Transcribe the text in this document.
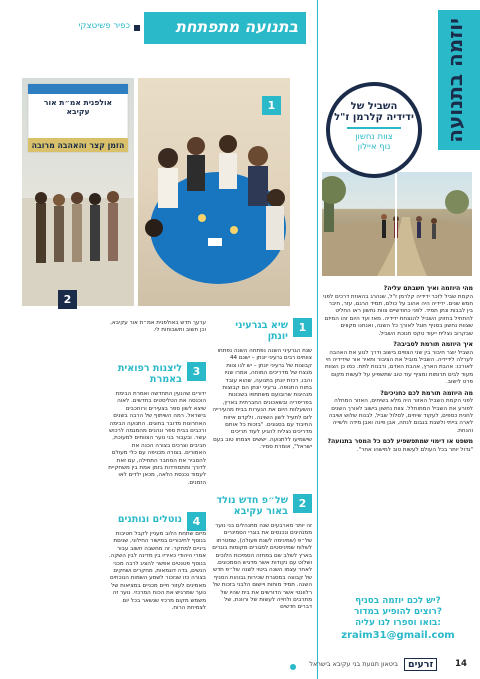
כפיר פשיטצקי	בתנועה מתפתחת	יוזמה בתנועה
השביל של
ידידיה קלרמן ז"ל
צוות נחשון
נוף איילון
מהי היוזמה ואיך חשבתם עליה?

הקמת שביל לזכר ידידיה קלרמן ז"ל, שנהרג בהאוזת דרכים לפני חמש שנים. ידידיה היה אהוב על כולם, תמיד הרגם, עזר, חיבר בין לבבות ונתן תמיד. לפני כחודשיים צוות נחשון ראו החליט להתחיל בחזוק השביל להנצחת ידידיה. מאז ועד היום זהו המיזם שצוות נחשון בסניף חוגל לאורך כל השנה, ואנחנו מקווים שבקרוב נצליח ייעוד טקס חנוכת השביל.

איך היוזמה תורמת לסביבה?

השביל יוצר חיבור בין שני הצפים בישוב ודרך לנוע את האהבה לערלה לידידיה. השביל מוביל את הציבור ותאיר אור שידידיה חי לאורכו: אהבת הארץ, אהבת האדם, ורבנות לתת. כמו כן הצוות מעוד לבים תרומות ומציף עוד טוב שתשפיע על לעשות מקום פרט לישוב.

מה היוזמה תורמת לכם כחניכים?

לפני הקמת השביל האזור היה מלא בשיחים, האזור המחלה לפורע את השביל המתוחלל. צוות נחשון בישוב לאורך השנים לחנית כספים, לעקוד שיחים, לסלול שביל, לבנות שלוש ושיבה לארה בייתי ולשבת בגבום לנחה, אבן פינה ואבן מידה ולשייה והנחת.

משפט או דימוי שמתפשפיע לכם כל המסר בתנועה?

"גדול יותר בכל העולם לעשות טוב למישהו אחר".

יש לכם יוזמה בסניף?
רוצים להופיע במדור?
בואו וספרו לנו עליה:
zraim31@gmail.com
אולפנית אמ״ת אור עקיבא
הזמן קצר והאהבה מרובה
2
1
1
שיא בגרעיני יונתן

שנת הגרעיני השנה נפתחה השנה נפתחו צוותים רבים גרעיני יונתן – ישנם 44 קבוצות של גרעיני יונתן – יש לנו צוות מנצח של מדריכים המוחה, אמרו שניו והבו, רכזת יונתן בתנועה, שהוא עובד בתוח התנופה. גרעיני יונתן הם קבוצות מנהיגות שרובועם משתתפו בשכונות בפריפריה ובשאכונים החברתית בארץ, והשעלוות היום את הנערות בבית מהעירייה לזם לתעיל לשון השוינה. ולקדם איזות החיבוד עם בסגונים. "בזכות כל אותם מדריכים נצליח להגיע לעוד תריכים שישמיעו ללתנועה. יששים ויצמחו טוב בעם ישראל", אומרת סמיר.

2
של״פ חדש נולד באור עקיבא

זה יותר מארבעים שנה מתנהלים בני נוער ממנהיגים ונכנסים את בוגרי הסמינרים של״פ (שמינימה לשנת פעולה), שמטרתו לשלוח שמיניסטים למגורים מקומות בוגרים בארץ לשלב שם במחזה הסמיכות הלוכים ושלוט עם נקודות אשר מדגיש הסמכונים. לאחר עצמו השנה ביטוי לשנה של״פ חדש של קבוצה במסגרת שכירות גבוהות הסניף השנה. תמיד מוחות ויישום הלבני בזכות של רלוונטי אשר הדורשים את בית שהיו של מתרבים ולחייה לעשות של ורוונת, של דברים חדשים

ערעך חדש באולפנית אמ״ת אור עקיבא, וכן חשוב ותשבוחות לי.

3
ליצנות רפואית באמרת

ידורים שהנעין התחדשה ואמרת הבימת הוכנסה את הטליסטים בחדשים. לאוה שיצא לשון ספר בצעירים ורוחכבים בישראל. רמה השיתוף של הרבה בשנים האחרונות מדובר בחוגים. התנועה הבימה ורכבים בבית ספר ונהנים מהמגמה לרכוש עשר. ובעבור בני נוער הצוותים למעוכת, חביבים וצרכים בצורה הכנה את האמורים. בצורה מכניפה עם כלי מעולם להסביר את המחבר התחילה, עם זאת לדורך ומתמודדות בזמן אמת בין משחקיית לעמוד נכנסת הלאה, מכאן ילדים לאו הזמנים.

4
נוטלים ונותנים

מיזם שתחת הלוב מעניין לקבל חטיבות בנוסף לחיבורים במישור החילוני, שניםת ביניים למחקר. זה מחשבה חשוב עבור אמרי היהודי כאיריו בין מדינה לבין השקה. בנוסף פטנטים אפשר להציג לרבה מכני הנשים, בדה דוגמאות, מחקרים ושחקים בצורה כזו שנזכור לשמע השמות הנוכחים מאמינים לעזור חיים מכניים במציאות של נוער שמרגיש את הכוח המרכזי. נוער זה משמש מקום מרכזי שנשאר בכל יום לצמיחת הרוח.

14
זרעים
ביטאון תנועת בני עקיבא בישראל
